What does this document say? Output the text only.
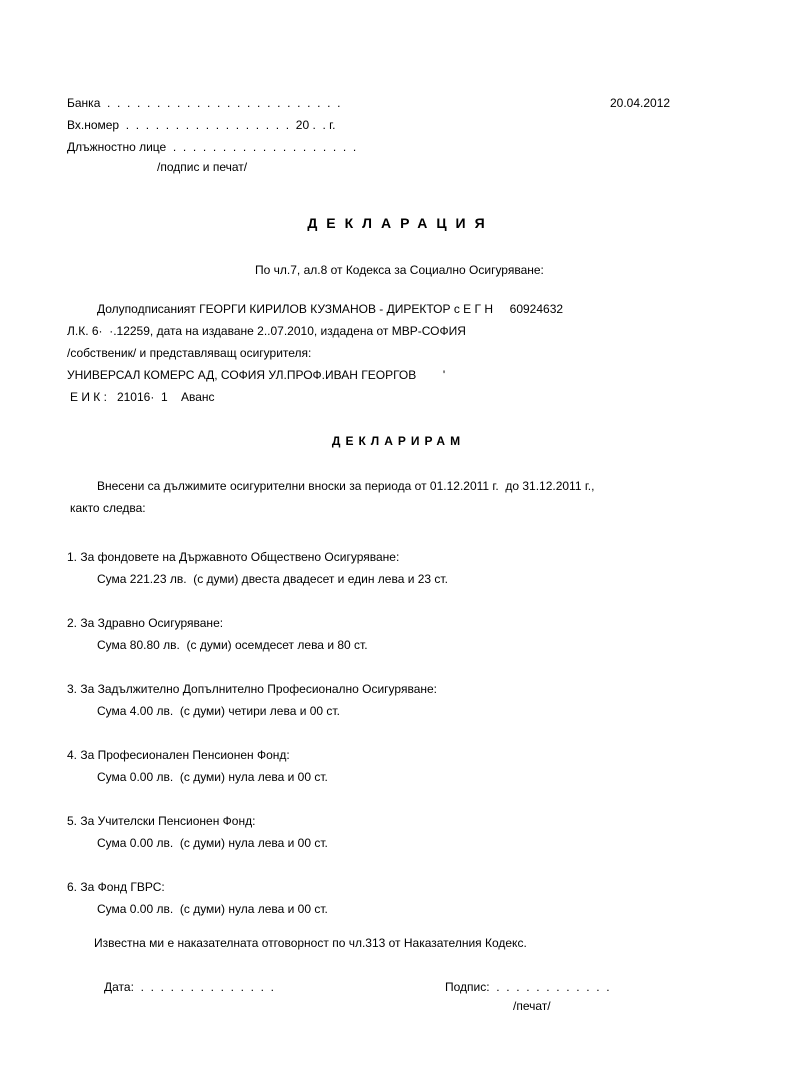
Банка  .  .  .  .  .  .  .  .  .  .  .  .  .  .  .  .  .  .  .  .  .  .  .  .	20.04.2012
Вх.номер  .  .  .  .  .  .  .  .  .  .  .  .  .  .  .  .  .  20 .  . г.
Длъжностно лице  .  .  .  .  .  .  .  .  .  .  .  .  .  .  .  .  .  .  .
/подпис и печат/
ДЕКЛАРАЦИЯ
По чл.7, ал.8 от Кодекса за Социално Осигуряване:
Долуподписаният ГЕОРГИ КИРИЛОВ КУЗМАНОВ - ДИРЕКТОР с Е Г Н     60924632
Л.К. 6·  ·.12259, дата на издаване 2..07.2010, издадена от МВР-СОФИЯ
/собственик/ и представляващ осигурителя:
УНИВЕРСАЛ КОМЕРС АД, СОФИЯ УЛ.ПРОФ.ИВАН ГЕОРГОВ        '
Е И К :   21016·  1    Аванс
ДЕКЛАРИРАМ
Внесени са дължимите осигурителни вноски за периода от 01.12.2011 г.  до 31.12.2011 г.,
както следва:
1. За фондовете на Държавното Обществено Осигуряване:
Сума 221.23 лв.  (с думи) двеста двадесет и един лева и 23 ст.
2. За Здравно Осигуряване:
Сума 80.80 лв.  (с думи) осемдесет лева и 80 ст.
3. За Задължително Допълнително Професионално Осигуряване:
Сума 4.00 лв.  (с думи) четири лева и 00 ст.
4. За Професионален Пенсионен Фонд:
Сума 0.00 лв.  (с думи) нула лева и 00 ст.
5. За Учителски Пенсионен Фонд:
Сума 0.00 лв.  (с думи) нула лева и 00 ст.
6. За Фонд ГВРС:
Сума 0.00 лв.  (с думи) нула лева и 00 ст.
Известна ми е наказателната отговорност по чл.313 от Наказателния Кодекс.
Дата:  .  .  .  .  .  .  .  .  .  .  .  .  .  .	Подпис:  .  .  .  .  .  .  .  .  .  .  .  .
/печат/
